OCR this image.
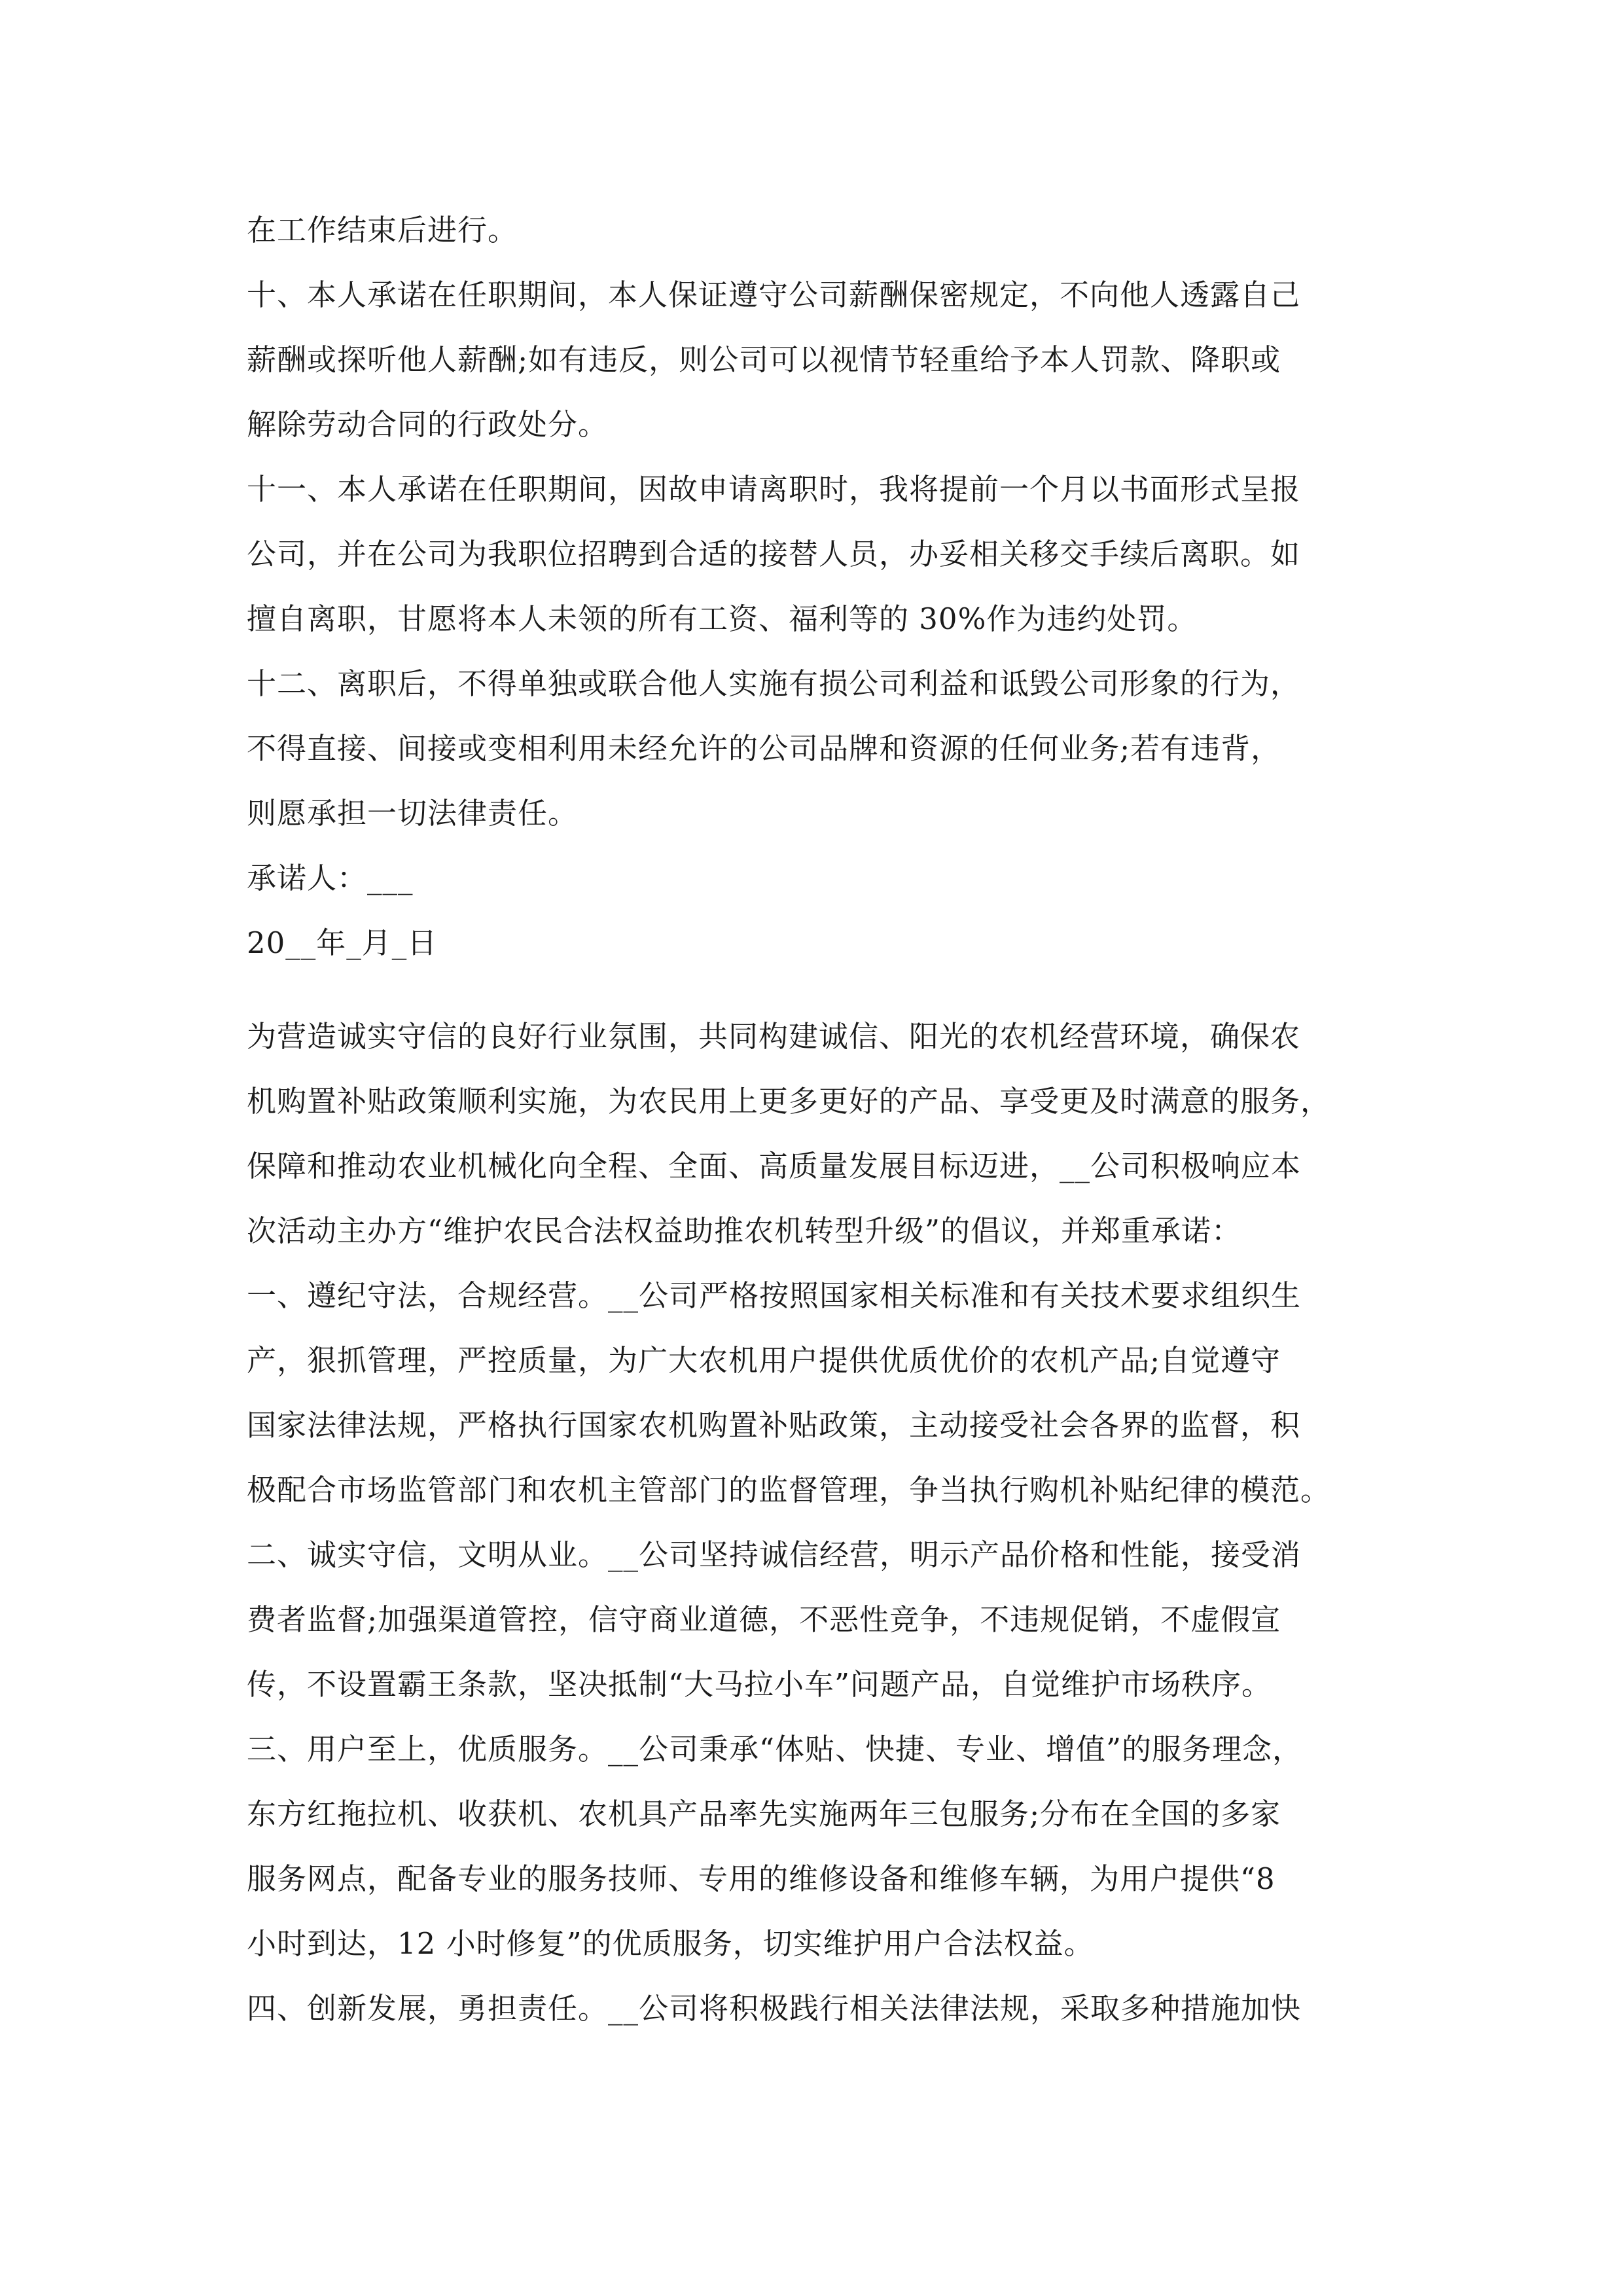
在工作结束后进行。
十、本人承诺在任职期间，本人保证遵守公司薪酬保密规定，不向他人透露自己
薪酬或探听他人薪酬;如有违反，则公司可以视情节轻重给予本人罚款、降职或
解除劳动合同的行政处分。
十一、本人承诺在任职期间，因故申请离职时，我将提前一个月以书面形式呈报
公司，并在公司为我职位招聘到合适的接替人员，办妥相关移交手续后离职。如
擅自离职，甘愿将本人未领的所有工资、福利等的 30%作为违约处罚。
十二、离职后，不得单独或联合他人实施有损公司利益和诋毁公司形象的行为，
不得直接、间接或变相利用未经允许的公司品牌和资源的任何业务;若有违背，
则愿承担一切法律责任。
承诺人：___
20__年_月_日
为营造诚实守信的良好行业氛围，共同构建诚信、阳光的农机经营环境，确保农
机购置补贴政策顺利实施，为农民用上更多更好的产品、享受更及时满意的服务，
保障和推动农业机械化向全程、全面、高质量发展目标迈进，__公司积极响应本
次活动主办方“维护农民合法权益助推农机转型升级”的倡议，并郑重承诺：
一、遵纪守法，合规经营。__公司严格按照国家相关标准和有关技术要求组织生
产，狠抓管理，严控质量，为广大农机用户提供优质优价的农机产品;自觉遵守
国家法律法规，严格执行国家农机购置补贴政策，主动接受社会各界的监督，积
极配合市场监管部门和农机主管部门的监督管理，争当执行购机补贴纪律的模范。
二、诚实守信，文明从业。__公司坚持诚信经营，明示产品价格和性能，接受消
费者监督;加强渠道管控，信守商业道德，不恶性竞争，不违规促销，不虚假宣
传，不设置霸王条款，坚决抵制“大马拉小车”问题产品，自觉维护市场秩序。
三、用户至上，优质服务。__公司秉承“体贴、快捷、专业、增值”的服务理念，
东方红拖拉机、收获机、农机具产品率先实施两年三包服务;分布在全国的多家
服务网点，配备专业的服务技师、专用的维修设备和维修车辆，为用户提供“8
小时到达，12 小时修复”的优质服务，切实维护用户合法权益。
四、创新发展，勇担责任。__公司将积极践行相关法律法规，采取多种措施加快
